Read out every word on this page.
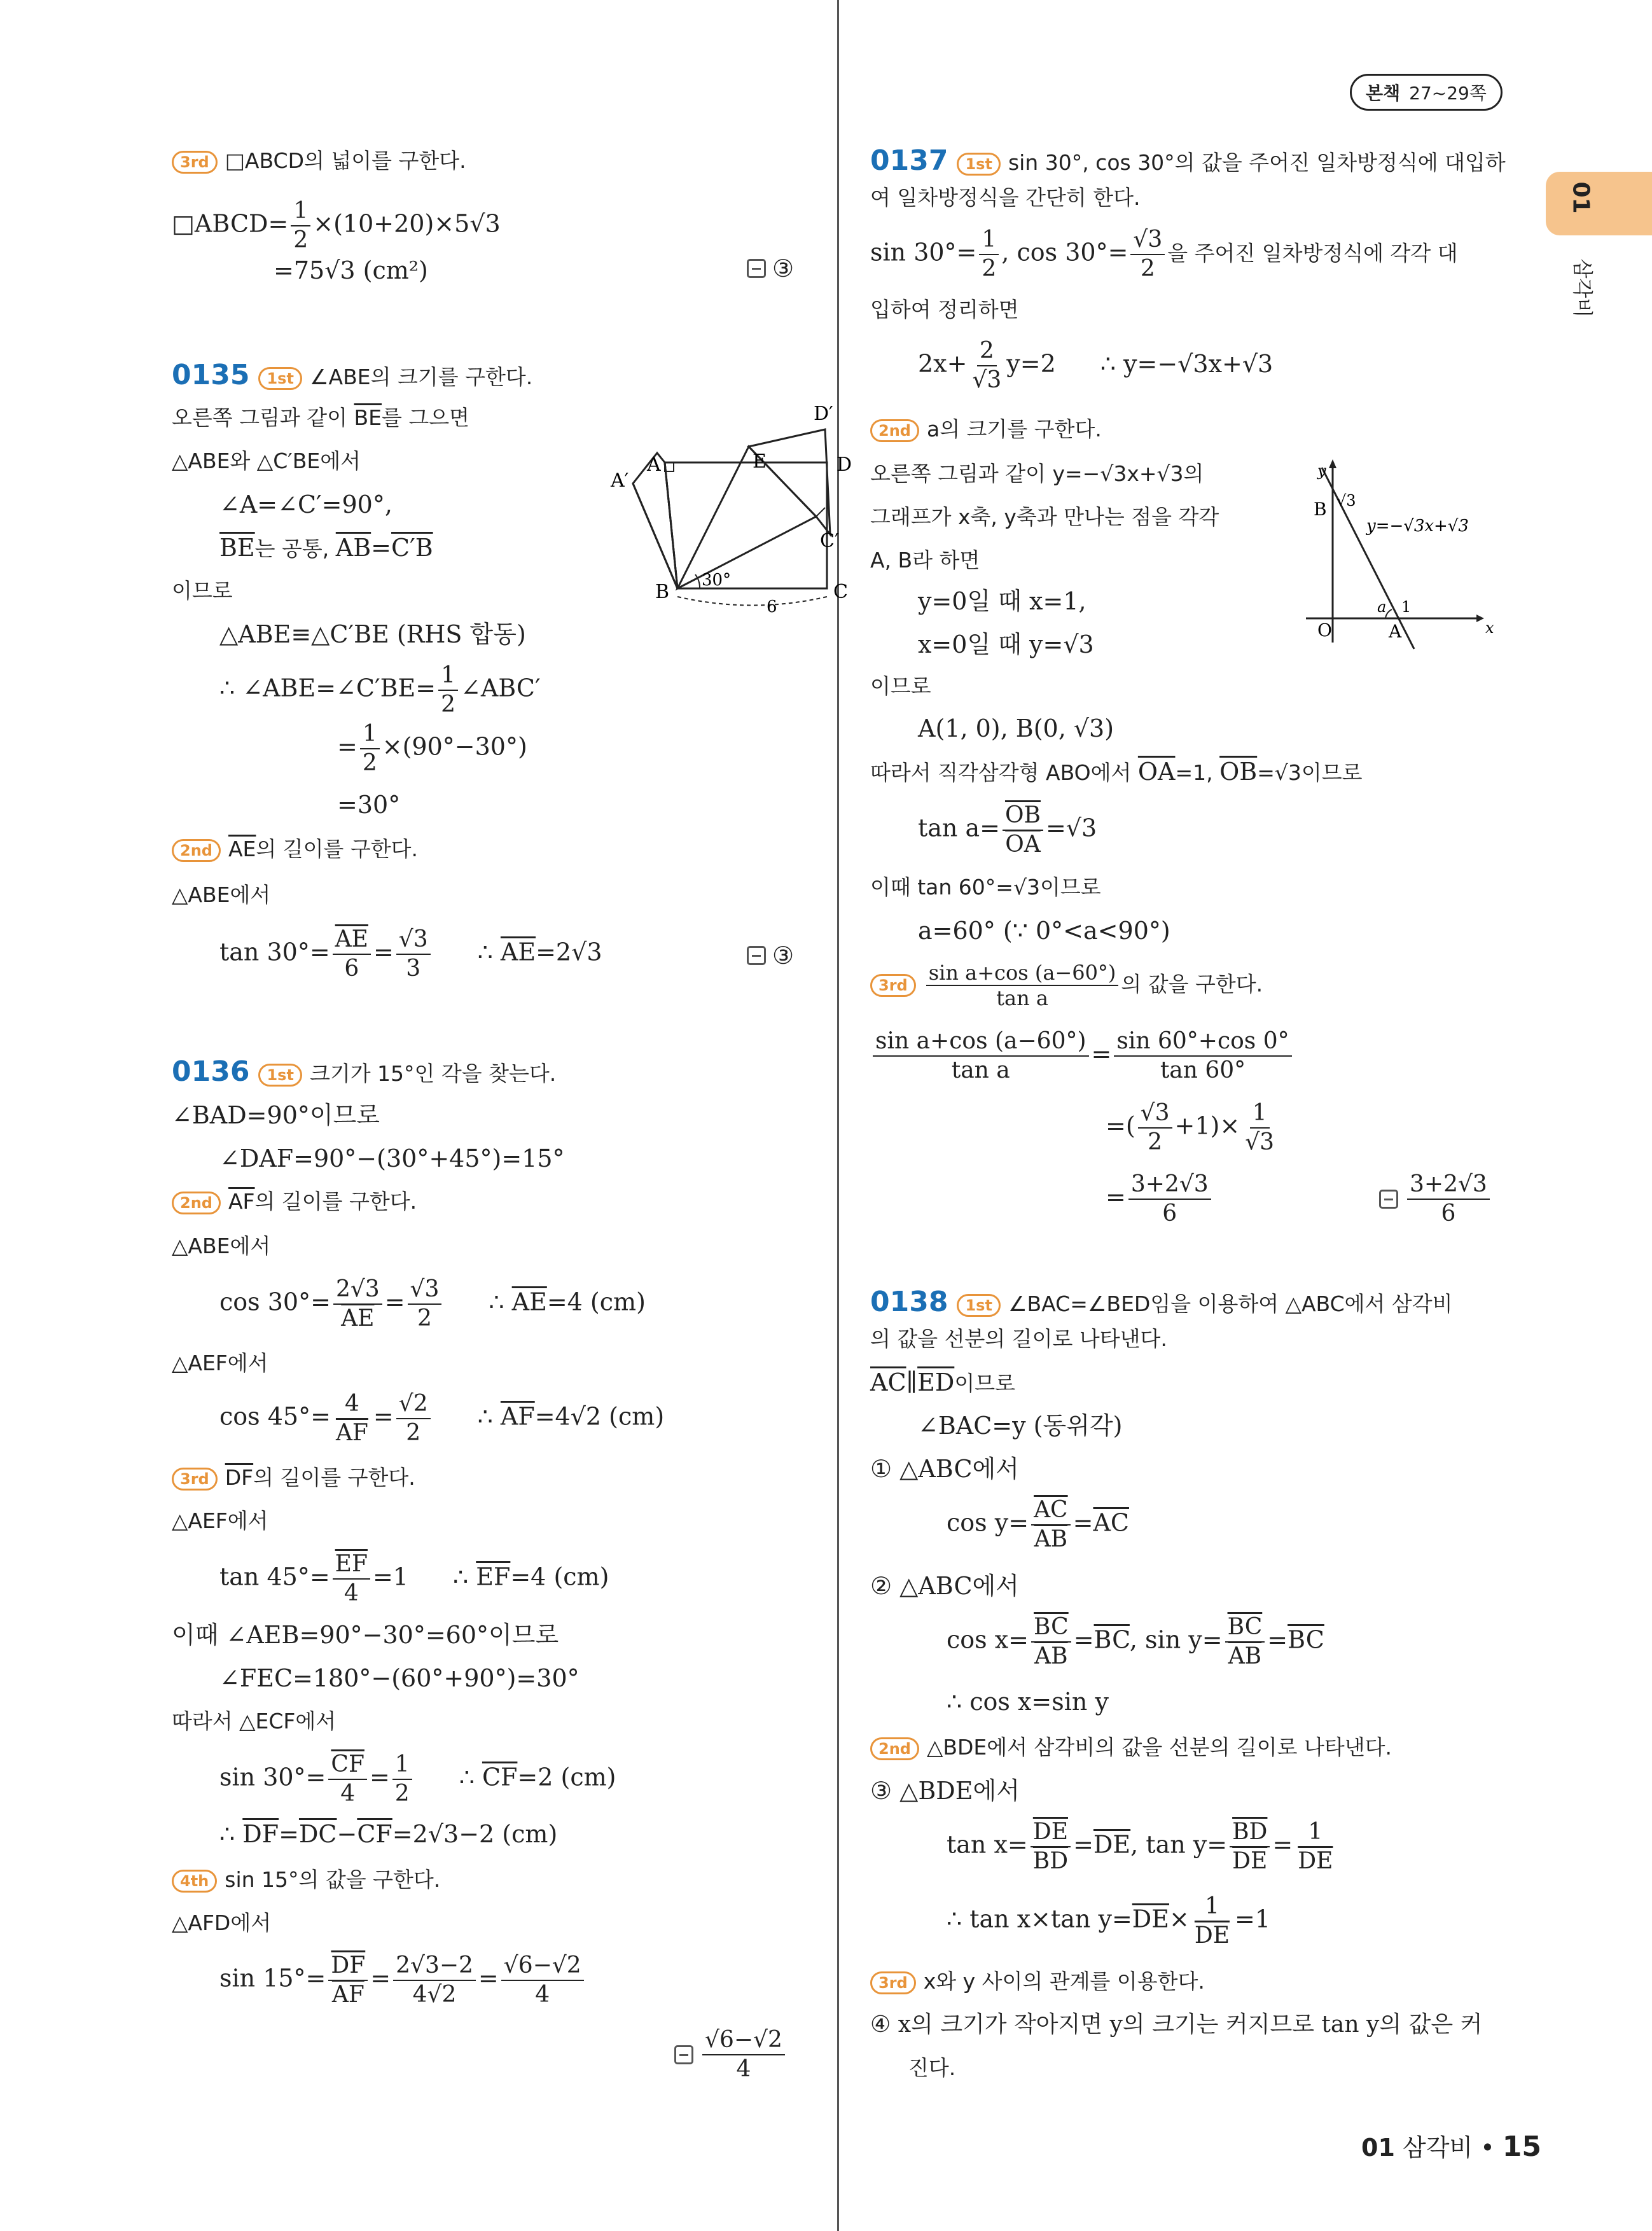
본책 27~29쪽
01
삼각비
3rd □ABCD의 넓이를 구한다.
□ABCD= $\frac{1}{2} \times(10+20)\times 5√3$
=75√3 (cm²)	③
0135 1st ∠ABE의 크기를 구한다.
오른쪽 그림과 같이 $\overline{BE}$를 그으면
△ABE와 △C′BE에서
∠A=∠C′=90°,
$\overline{BE}$는 공통, $\overline{AB}=C'B$
이므로
△ABE≡△C′BE (RHS 합동)
∴ ∠ABE=∠C′BE= $\frac{1}{2}$ ∠ABC′
= $\frac{1}{2} \times(90^\circ-30^\circ)$
=30°
2nd $\overline{AE}$의 길이를 구한다.
△ABE에서
$\tan 30^\circ= \frac{\overline{AE}}{6} = \frac{√3}{3}$ ∴ $\overline{AE}=2√3$	③
A′
A
B	C
C′
D
D′
E
30°
6
0136 1st 크기가 15°인 각을 찾는다.
∠BAD=90°이므로
∠DAF=90°−(30°+45°)=15°
2nd $\overline{AF}$의 길이를 구한다.
△ABE에서
$\cos 30^\circ= \frac{2√3}{AE} = \frac{√3}{2}$ ∴ $\overline{AE}=4$ (cm)
△AEF에서
$\cos 45^\circ= \frac{4}{AF} = \frac{√2}{2}$ ∴ $\overline{AF}=4√2$ (cm)
3rd $\overline{DF}$의 길이를 구한다.
△AEF에서
$\tan 45^\circ= \frac{\overline{EF}}{4} =1$ ∴ $\overline{EF}=4$ (cm)
이때 ∠AEB=90°−30°=60°이므로
∠FEC=180°−(60°+90°)=30°
따라서 △ECF에서
$\sin 30^\circ= \frac{\overline{CF}}{4} = \frac{1}{2}$ ∴ $\overline{CF}=2$ (cm)
∴ $\overline{DF}=\overline{DC}-\overline{CF}=2√3-2$ (cm)
4th sin 15°의 값을 구한다.
△AFD에서
$\sin 15^\circ= \frac{\overline{DF}}{AF} = \frac{2√3-2}{4√2} = \frac{√6-√2}{4}$
$\frac{√6-√2}{4}$
0137 1st sin 30°, cos 30°의 값을 주어진 일차방정식에 대입하
여 일차방정식을 간단히 한다.
$\sin 30^\circ= \frac{1}{2}$ , $\cos 30^\circ= \frac{√3}{2}$ 을 주어진 일차방정식에 각각 대
입하여 정리하면
$2x+ \frac{2}{√3} y=2$ ∴ y=−√3x+√3
2nd a의 크기를 구한다.
오른쪽 그림과 같이 y=−√3x+√3의
그래프가 x축, y축과 만나는 점을 각각
A, B라 하면
y=0일 때 x=1,
x=0일 때 y=√3
이므로
A(1, 0), B(0, √3)
따라서 직각삼각형 ABO에서 $\overline{OA}=1$, $\overline{OB}=√3$이므로
$\tan a= \frac{\overline{OB}}{OA} =√3$
이때 tan 60°=√3이므로
a=60° (∵ 0°<a<90°)
$3rd \frac{\text{sin a+cos (a−60°)}}{\text{tan a}}$ 의 값을 구한다.
$\frac{\text{sin a+cos (a−60°)}}{\text{tan a}} = \frac{\sin 60^\circ+\cos 0^\circ}{\tan 60^\circ}$
=( $\frac{√3}{2} +1)\times \frac{1}{√3}$
= $\frac{3+2√3}{6}$	$\frac{3+2√3}{6}$
y
x
B √3
O	A
1
a
y=−√3x+√3
0138 1st ∠BAC=∠BED임을 이용하여 △ABC에서 삼각비
의 값을 선분의 길이로 나타낸다.
$\overline{AC}\parallel\overline{ED}$이므로
∠BAC=y (동위각)
① △ABC에서
$\cos y= \frac{\overline{AC}}{AB} =\overline{AC}$
② △ABC에서
$\cos x= \frac{\overline{BC}}{AB} =\overline{BC}$, $\sin y= \frac{\overline{BC}}{AB} =\overline{BC}$
∴ cos x=sin y
2nd △BDE에서 삼각비의 값을 선분의 길이로 나타낸다.
③ △BDE에서
$\tan x= \frac{\overline{DE}}{BD} =\overline{DE}$, $\tan y= \frac{\overline{BD}}{DE} = \frac{1}{DE}$
∴ tan x×tan $y=\overline{DE}\times \frac{1}{DE} =1$
3rd x와 y 사이의 관계를 이용한다.
④ x의 크기가 작아지면 y의 크기는 커지므로 tan y의 값은 커
진다.
01 삼각비 • 15
